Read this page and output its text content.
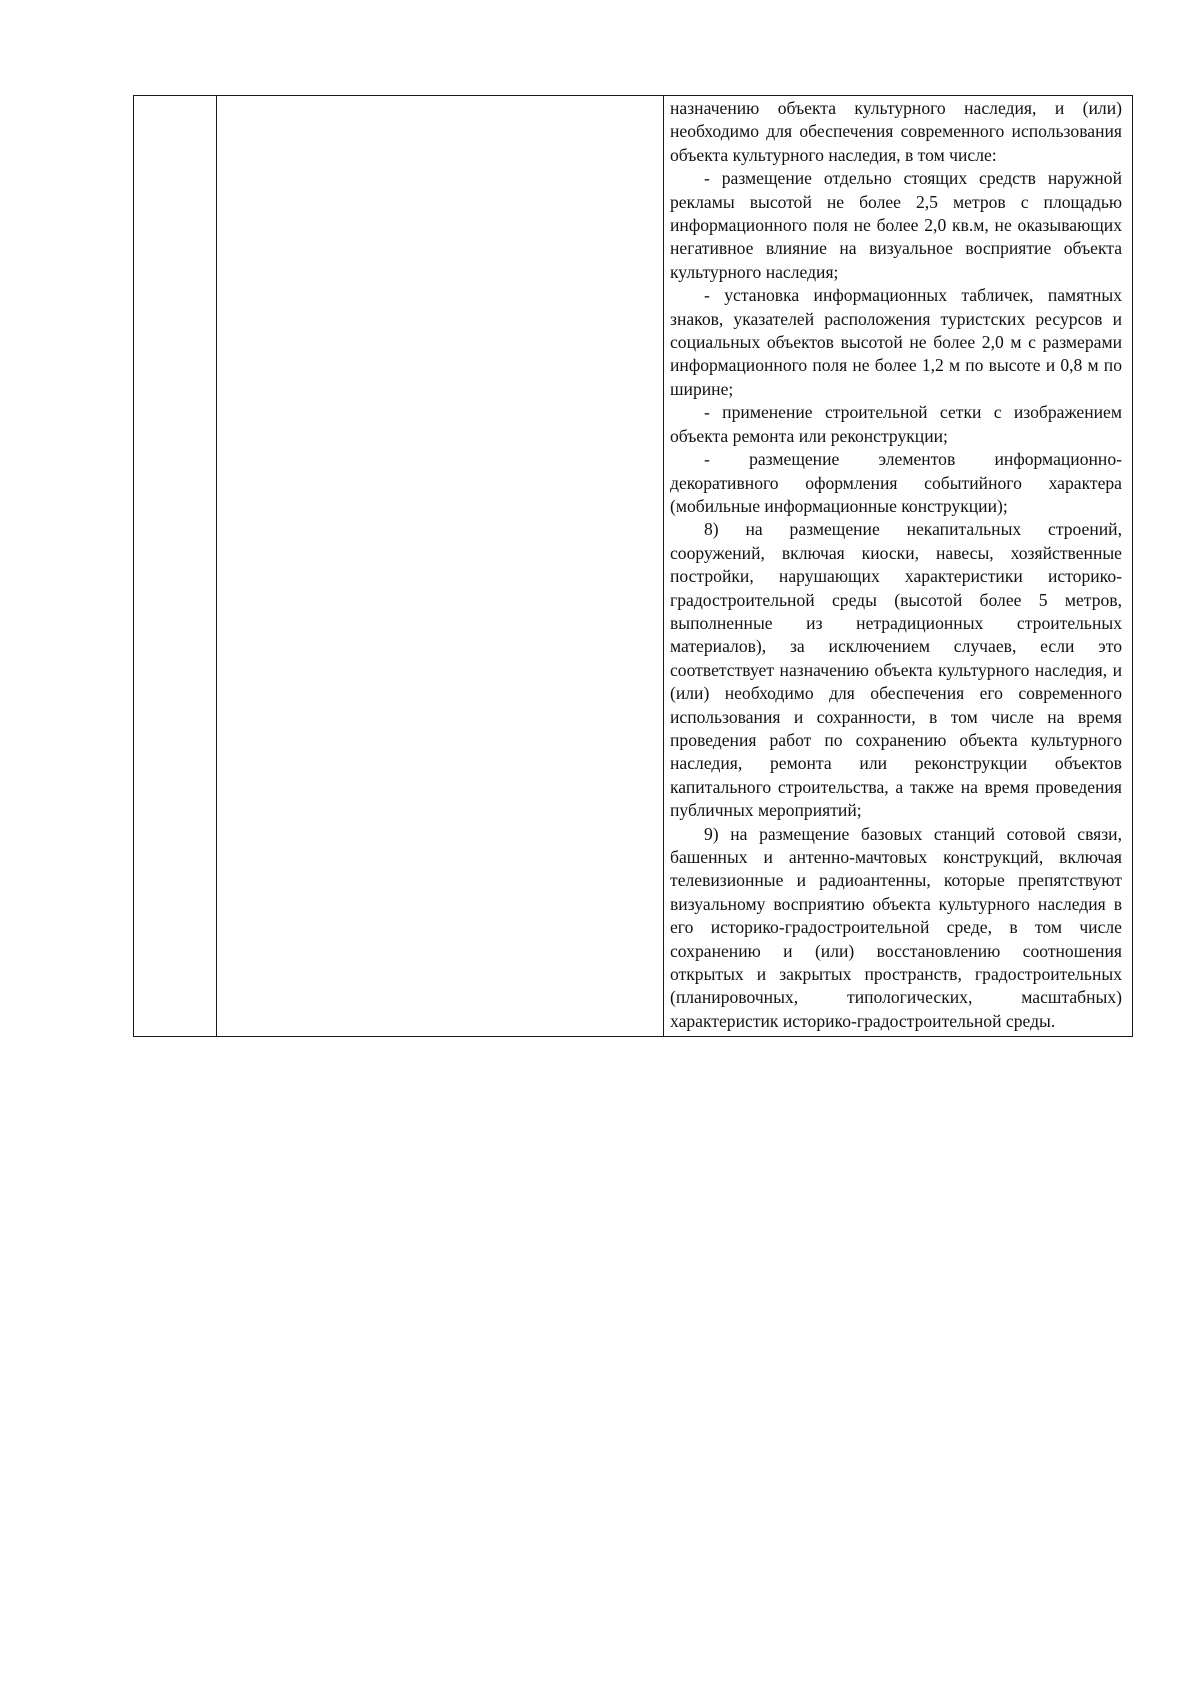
назначению объекта культурного наследия, и (или) необходимо для обеспечения современного использования объекта культурного наследия, в том числе:

- размещение отдельно стоящих средств наружной рекламы высотой не более 2,5 метров с площадью информационного поля не более 2,0 кв.м, не оказывающих негативное влияние на визуальное восприятие объекта культурного наследия;

- установка информационных табличек, памятных знаков, указателей расположения туристских ресурсов и социальных объектов высотой не более 2,0 м с размерами информационного поля не более 1,2 м по высоте и 0,8 м по ширине;

- применение строительной сетки с изображением объекта ремонта или реконструкции;

- размещение элементов информационно-декоративного оформления событийного характера (мобильные информационные конструкции);

8) на размещение некапитальных строений, сооружений, включая киоски, навесы, хозяйственные постройки, нарушающих характеристики историко-градостроительной среды (высотой более 5 метров, выполненные из нетрадиционных строительных материалов), за исключением случаев, если это соответствует назначению объекта культурного наследия, и (или) необходимо для обеспечения его современного использования и сохранности, в том числе на время проведения работ по сохранению объекта культурного наследия, ремонта или реконструкции объектов капитального строительства, а также на время проведения публичных мероприятий;

9) на размещение базовых станций сотовой связи, башенных и антенно-мачтовых конструкций, включая телевизионные и радиоантенны, которые препятствуют визуальному восприятию объекта культурного наследия в его историко-градостроительной среде, в том числе сохранению и (или) восстановлению соотношения открытых и закрытых пространств, градостроительных (планировочных, типологических, масштабных) характеристик историко-градостроительной среды.
